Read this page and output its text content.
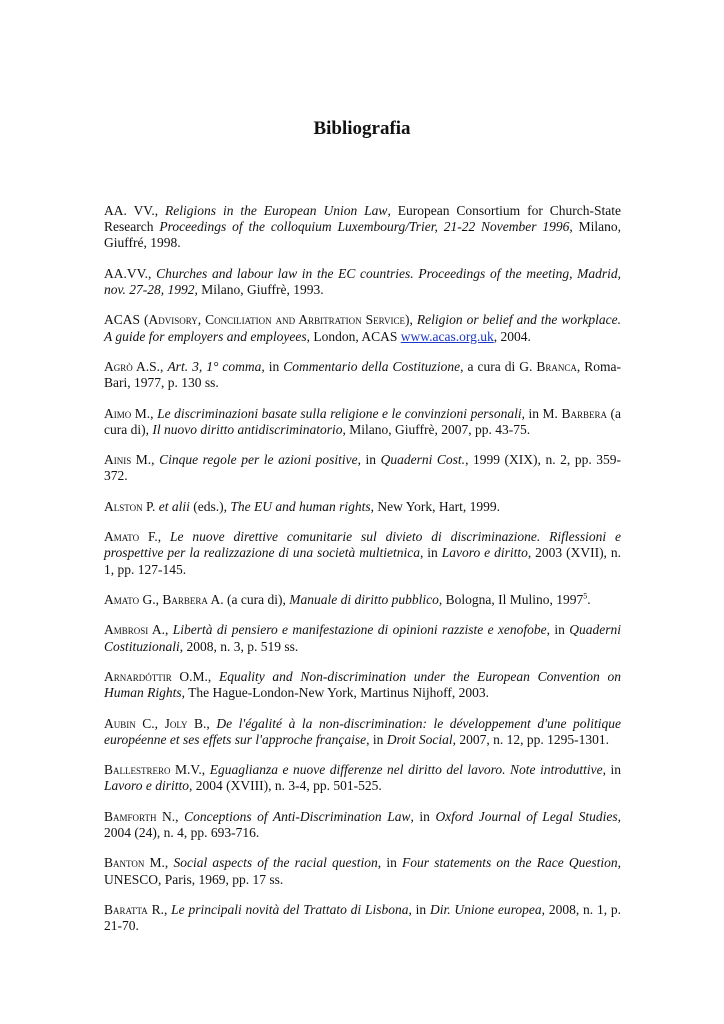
Bibliografia

AA. VV., Religions in the European Union Law, European Consortium for Church-State Research Proceedings of the colloquium Luxembourg/Trier, 21-22 November 1996, Milano, Giuffré, 1998.

AA.VV., Churches and labour law in the EC countries. Proceedings of the meeting, Madrid, nov. 27-28, 1992, Milano, Giuffrè, 1993.

ACAS (Advisory, Conciliation and Arbitration Service), Religion or belief and the workplace. A guide for employers and employees, London, ACAS www.acas.org.uk, 2004.

Agrò A.S., Art. 3, 1° comma, in Commentario della Costituzione, a cura di G. Branca, Roma-Bari, 1977, p. 130 ss.

Aimo M., Le discriminazioni basate sulla religione e le convinzioni personali, in M. Barbera (a cura di), Il nuovo diritto antidiscriminatorio, Milano, Giuffrè, 2007, pp. 43-75.

Ainis M., Cinque regole per le azioni positive, in Quaderni Cost., 1999 (XIX), n. 2, pp. 359-372.

Alston P. et alii (eds.), The EU and human rights, New York, Hart, 1999.

Amato F., Le nuove direttive comunitarie sul divieto di discriminazione. Riflessioni e prospettive per la realizzazione di una società multietnica, in Lavoro e diritto, 2003 (XVII), n. 1, pp. 127-145.

Amato G., Barbera A. (a cura di), Manuale di diritto pubblico, Bologna, Il Mulino, 1997$^5$.

Ambrosi A., Libertà di pensiero e manifestazione di opinioni razziste e xenofobe, in Quaderni Costituzionali, 2008, n. 3, p. 519 ss.

Arnardóttir O.M., Equality and Non-discrimination under the European Convention on Human Rights, The Hague-London-New York, Martinus Nijhoff, 2003.

Aubin C., Joly B., De l'égalité à la non-discrimination: le développement d'une politique européenne et ses effets sur l'approche française, in Droit Social, 2007, n. 12, pp. 1295-1301.

Ballestrero M.V., Eguaglianza e nuove differenze nel diritto del lavoro. Note introduttive, in Lavoro e diritto, 2004 (XVIII), n. 3-4, pp. 501-525.

Bamforth N., Conceptions of Anti-Discrimination Law, in Oxford Journal of Legal Studies, 2004 (24), n. 4, pp. 693-716.

Banton M., Social aspects of the racial question, in Four statements on the Race Question, UNESCO, Paris, 1969, pp. 17 ss.

Baratta R., Le principali novità del Trattato di Lisbona, in Dir. Unione europea, 2008, n. 1, p. 21-70.
